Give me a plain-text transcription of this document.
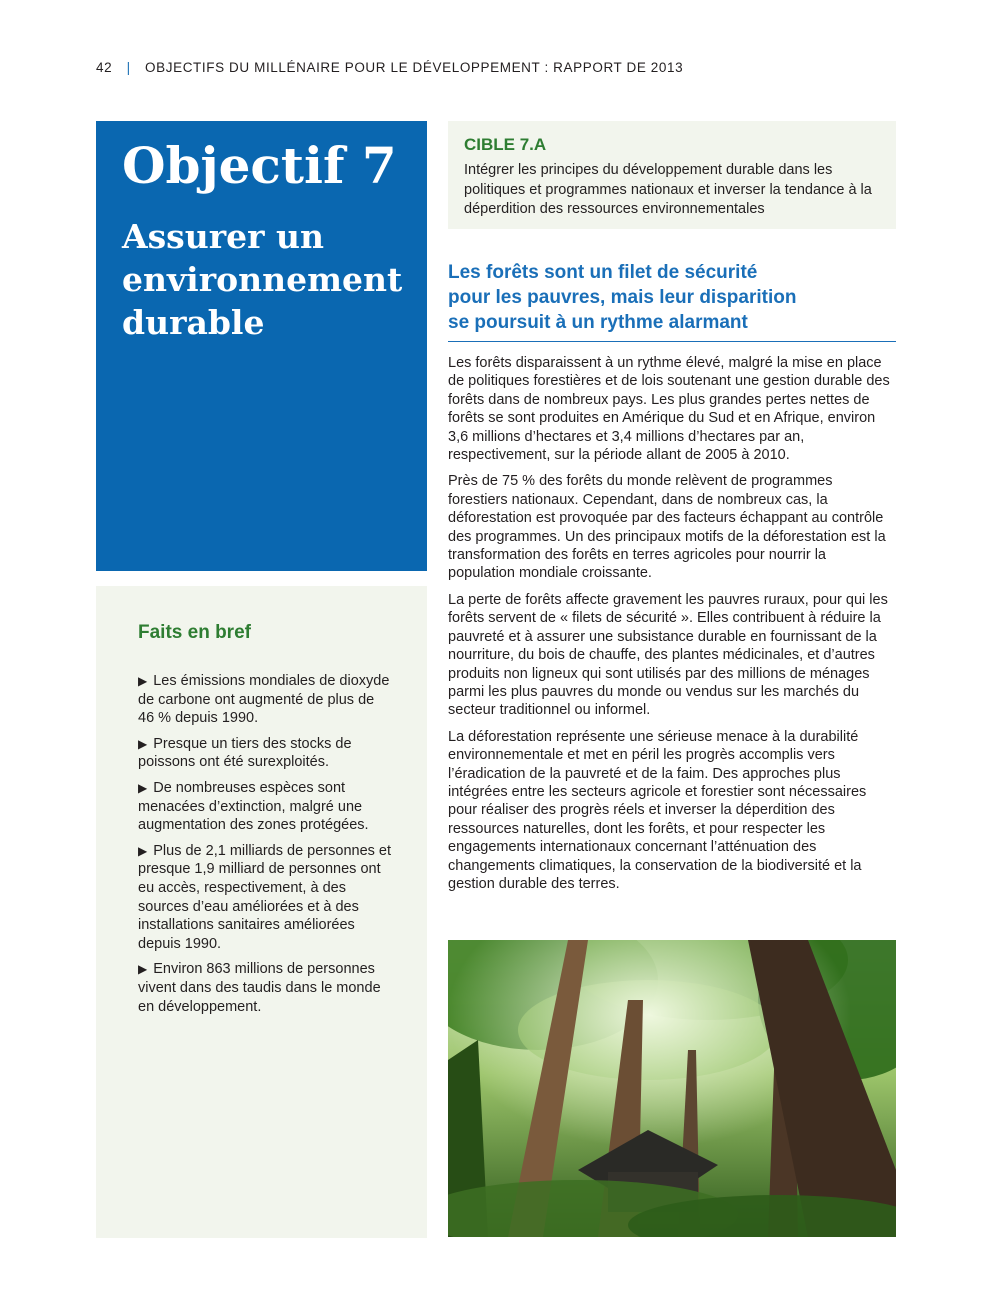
42 | OBJECTIFS DU MILLÉNAIRE POUR LE DÉVELOPPEMENT : RAPPORT DE 2013
Objectif 7
Assurer un
environnement
durable
Faits en bref
▶ Les émissions mondiales de dioxyde de carbone ont augmenté de plus de 46 % depuis 1990.
▶ Presque un tiers des stocks de poissons ont été surexploités.
▶ De nombreuses espèces sont menacées d’extinction, malgré une augmentation des zones protégées.
▶ Plus de 2,1 milliards de personnes et presque 1,9 milliard de personnes ont eu accès, respectivement, à des sources d’eau améliorées et à des installations sanitaires améliorées depuis 1990.
▶ Environ 863 millions de personnes vivent dans des taudis dans le monde en développement.
CIBLE 7.A

Intégrer les principes du développement durable dans les politiques et programmes nationaux et inverser la tendance à la déperdition des ressources environnementales

Les forêts sont un filet de sécurité
pour les pauvres, mais leur disparition
se poursuit à un rythme alarmant

Les forêts disparaissent à un rythme élevé, malgré la mise en place de politiques forestières et de lois soutenant une gestion durable des forêts dans de nombreux pays. Les plus grandes pertes nettes de forêts se sont produites en Amérique du Sud et en Afrique, environ 3,6 millions d’hectares et 3,4 millions d’hectares par an, respectivement, sur la période allant de 2005 à 2010.

Près de 75 % des forêts du monde relèvent de programmes forestiers nationaux. Cependant, dans de nombreux cas, la déforestation est provoquée par des facteurs échappant au contrôle des programmes. Un des principaux motifs de la déforestation est la transformation des forêts en terres agricoles pour nourrir la population mondiale croissante.

La perte de forêts affecte gravement les pauvres ruraux, pour qui les forêts servent de « filets de sécurité ». Elles contribuent à réduire la pauvreté et à assurer une subsistance durable en fournissant de la nourriture, du bois de chauffe, des plantes médicinales, et d’autres produits non ligneux qui sont utilisés par des millions de ménages parmi les plus pauvres du monde ou vendus sur les marchés du secteur traditionnel ou informel.

La déforestation représente une sérieuse menace à la durabilité environnementale et met en péril les progrès accomplis vers l’éradication de la pauvreté et de la faim. Des approches plus intégrées entre les secteurs agricole et forestier sont nécessaires pour réaliser des progrès réels et inverser la déperdition des ressources naturelles, dont les forêts, et pour respecter les engagements internationaux concernant l’atténuation des changements climatiques, la conservation de la biodiversité et la gestion durable des terres.
